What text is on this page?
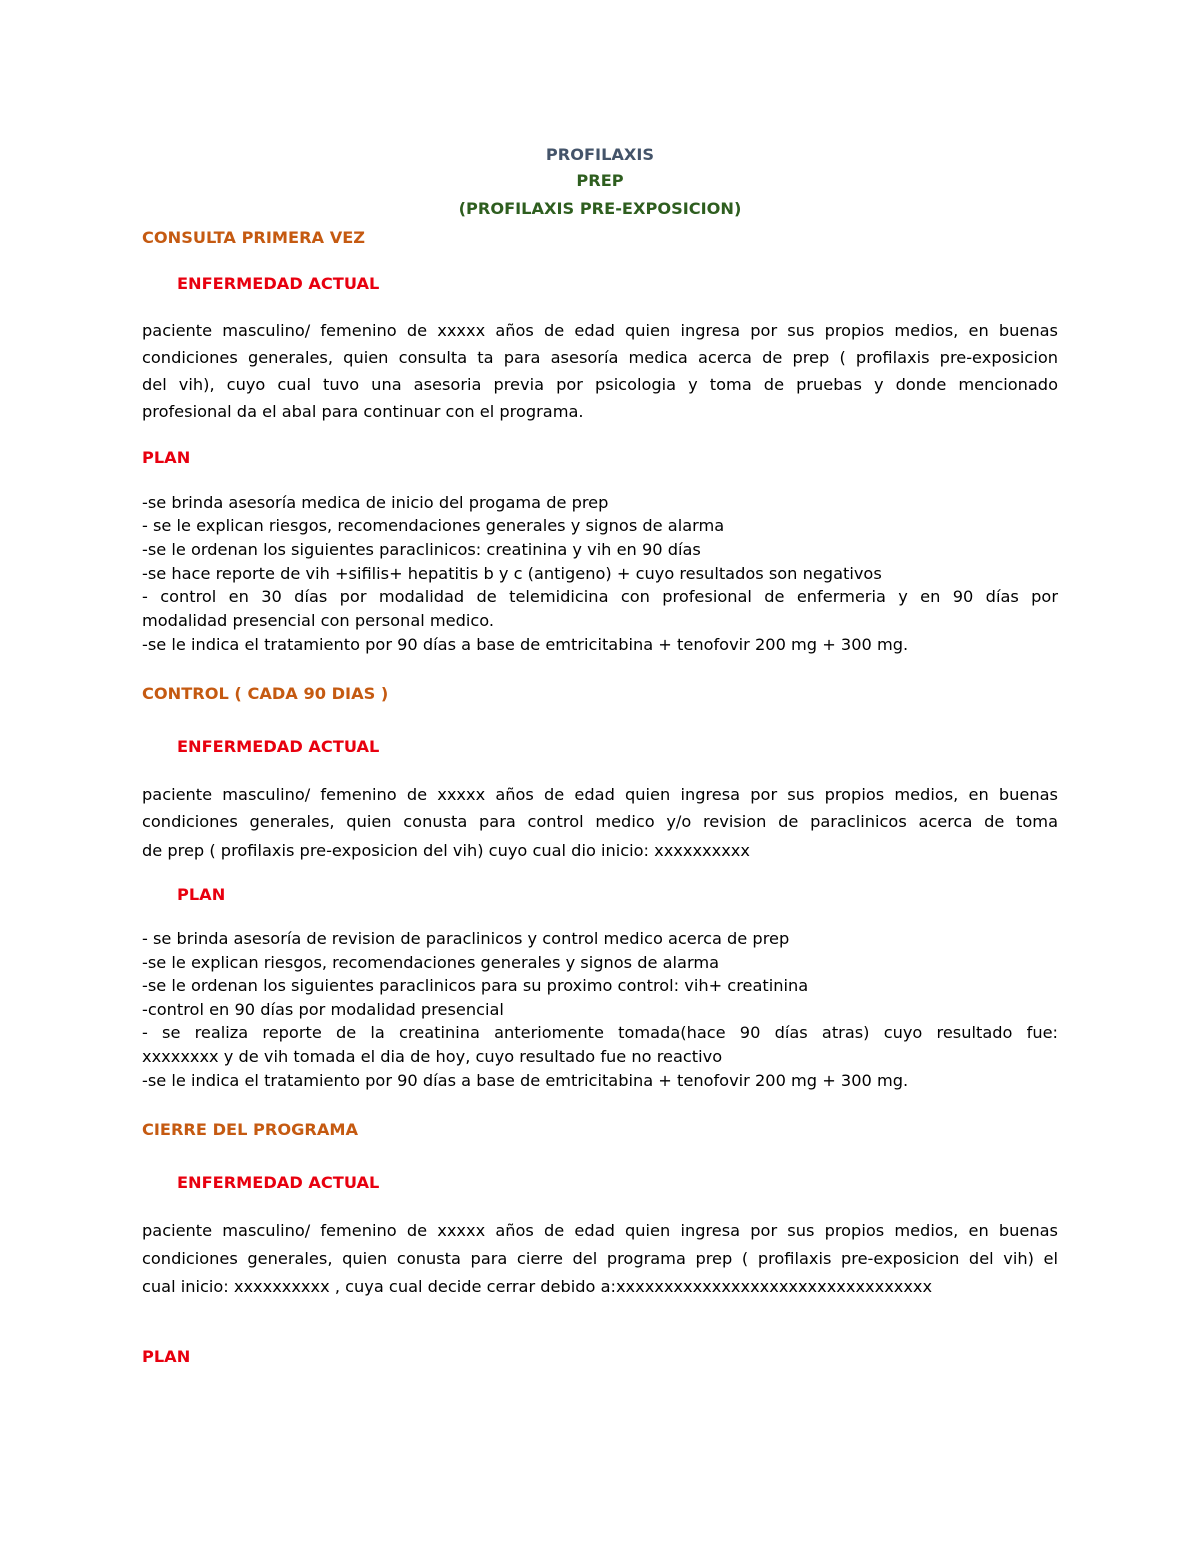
PROFILAXIS

PREP

(PROFILAXIS PRE-EXPOSICION)

CONSULTA PRIMERA VEZ

ENFERMEDAD ACTUAL

paciente masculino/ femenino de xxxxx años de edad quien ingresa por sus propios medios, en buenas

condiciones generales, quien consulta ta para asesoría medica acerca de prep ( profilaxis pre-exposicion

del vih), cuyo cual tuvo una asesoria previa por psicologia y toma de pruebas y donde mencionado

profesional da el abal para continuar con el programa.

PLAN

-se brinda asesoría medica de inicio del progama de prep

- se le explican riesgos, recomendaciones generales y signos de alarma

-se le ordenan los siguientes paraclinicos: creatinina y vih en 90 días

-se hace reporte de vih +sifilis+ hepatitis b y c (antigeno) + cuyo resultados son negativos

- control en 30 días por modalidad de telemidicina con profesional de enfermeria y en 90 días por

modalidad presencial con personal medico.

-se le indica el tratamiento por 90 días a base de emtricitabina + tenofovir 200 mg + 300 mg.

CONTROL ( CADA 90 DIAS )

ENFERMEDAD ACTUAL

paciente masculino/ femenino de xxxxx años de edad quien ingresa por sus propios medios, en buenas

condiciones generales, quien conusta para control medico y/o revision de paraclinicos acerca de toma

de prep ( profilaxis pre-exposicion del vih) cuyo cual dio inicio: xxxxxxxxxx

PLAN

- se brinda asesoría de revision de paraclinicos y control medico acerca de prep

-se le explican riesgos, recomendaciones generales y signos de alarma

-se le ordenan los siguientes paraclinicos para su proximo control: vih+ creatinina

-control en 90 días por modalidad presencial

- se realiza reporte de la creatinina anteriomente tomada(hace 90 días atras) cuyo resultado fue:

xxxxxxxx y de vih tomada el dia de hoy, cuyo resultado fue no reactivo

-se le indica el tratamiento por 90 días a base de emtricitabina + tenofovir 200 mg + 300 mg.

CIERRE DEL PROGRAMA

ENFERMEDAD ACTUAL

paciente masculino/ femenino de xxxxx años de edad quien ingresa por sus propios medios, en buenas

condiciones generales, quien conusta para cierre del programa prep ( profilaxis pre-exposicion del vih) el

cual inicio: xxxxxxxxxx , cuya cual decide cerrar debido a:xxxxxxxxxxxxxxxxxxxxxxxxxxxxxxxxx

PLAN
